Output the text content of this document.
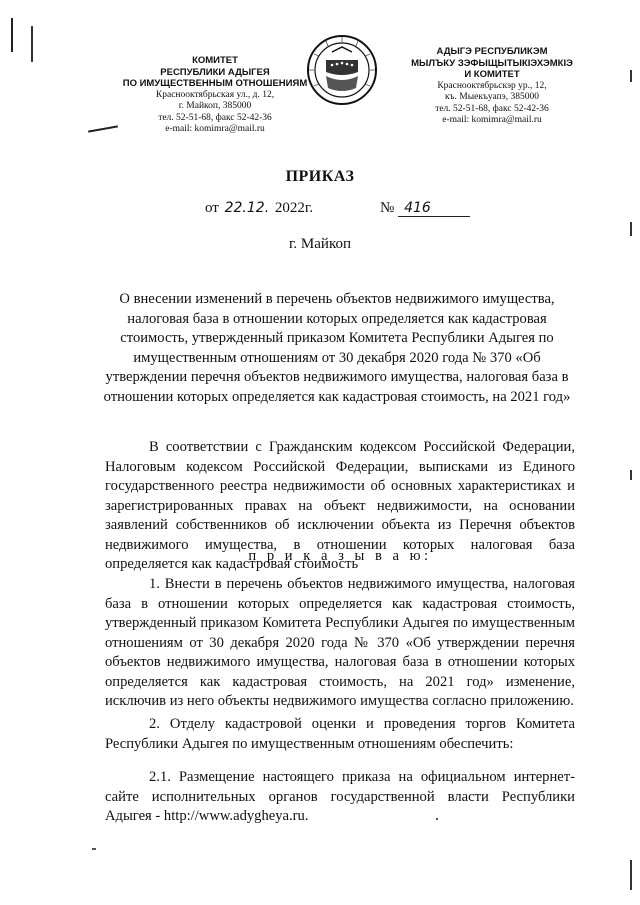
КОМИТЕТ
РЕСПУБЛИКИ АДЫГЕЯ
ПО ИМУЩЕСТВЕННЫМ ОТНОШЕНИЯМ
Краснооктябрьская ул., д. 12,
г. Майкоп, 385000
тел. 52-51-68, факс 52-42-36
e-mail: komimra@mail.ru
АДЫГЭ РЕСПУБЛИКЭМ
МЫЛЪКУ ЗЭФЫЩЫТЫКIЭХЭМКIЭ
И КОМИТЕТ
Краснооктябрьскэр ур., 12,
къ. Мыекъуапэ, 385000
тел. 52-51-68, факс 52-42-36
e-mail: komimra@mail.ru
ПРИКАЗ
от 22.12. 2022г.	№ 416
г. Майкоп
О внесении изменений в перечень объектов недвижимого имущества, налоговая база в отношении которых определяется как кадастровая стоимость, утвержденный приказом Комитета Республики Адыгея по имущественным отношениям от 30 декабря 2020 года № 370 «Об утверждении перечня объектов недвижимого имущества, налоговая база в отношении которых определяется как кадастровая стоимость, на 2021 год»
В соответствии с Гражданским кодексом Российской Федерации, Налоговым кодексом Российской Федерации, выписками из Единого государственного реестра недвижимости об основных характеристиках и зарегистрированных правах на объект недвижимости, на основании заявлений собственников об исключении объекта из Перечня объектов недвижимого имущества, в отношении которых налоговая база определяется как кадастровая стоимость
п р и к а з ы в а ю:
1. Внести в перечень объектов недвижимого имущества, налоговая база в отношении которых определяется как кадастровая стоимость, утвержденный приказом Комитета Республики Адыгея по имущественным отношениям от 30 декабря 2020 года № 370 «Об утверждении перечня объектов недвижимого имущества, налоговая база в отношении которых определяется как кадастровая стоимость, на 2021 год» изменение, исключив из него объекты недвижимого имущества согласно приложению.
2. Отделу кадастровой оценки и проведения торгов Комитета Республики Адыгея по имущественным отношениям обеспечить:
2.1. Размещение настоящего приказа на официальном интернет-сайте исполнительных органов государственной власти Республики Адыгея - http://www.adygheya.ru.
